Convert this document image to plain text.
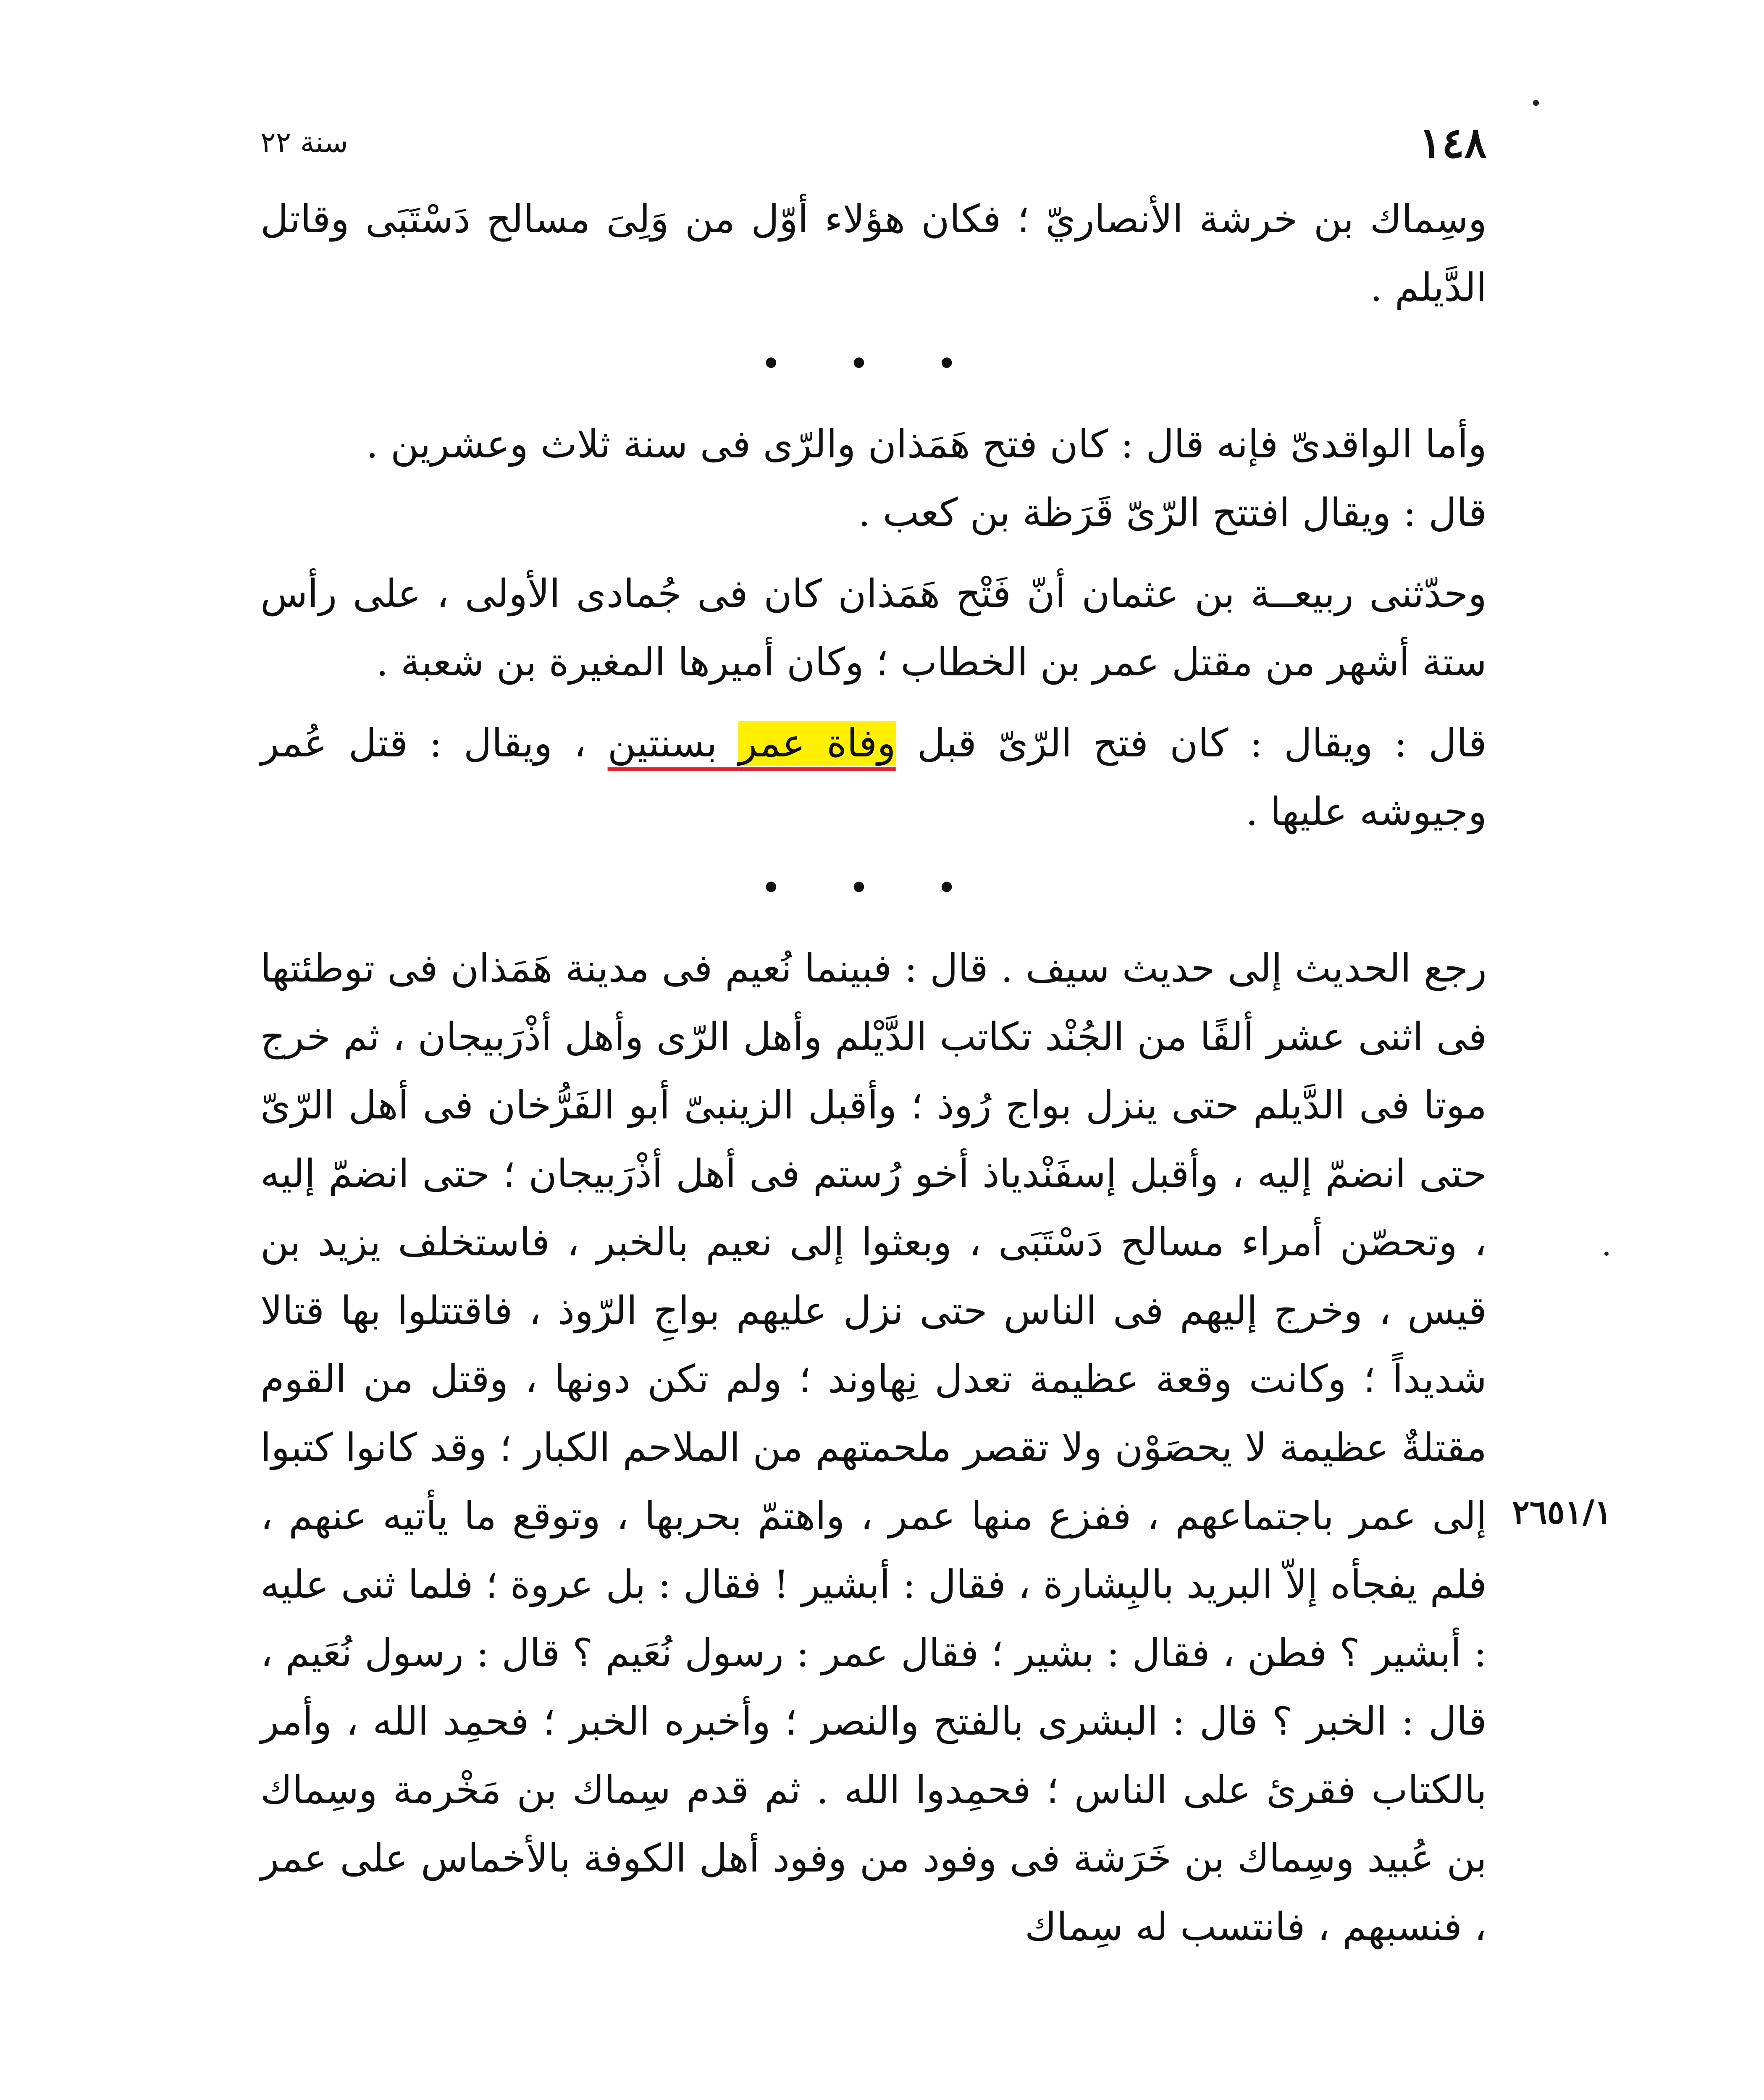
١٤٨
سنة ٢٢

وسِماك بن خرشة الأنصاريّ ؛ فكان هؤلاء أوّل من وَلِىَ مسالح دَسْتَبَى وقاتل الدَّيلم .

• • •

وأما الواقدىّ فإنه قال : كان فتح هَمَذان والرّى فى سنة ثلاث وعشرين .

قال : ويقال افتتح الرّىّ قَرَظة بن كعب .

وحدّثنى ربيعــة بن عثمان أنّ فَتْح هَمَذان كان فى جُمادى الأولى ، على رأس ستة أشهر من مقتل عمر بن الخطاب ؛ وكان أميرها المغيرة بن شعبة .

قال : ويقال : كان فتح الرّىّ قبل وفاة عمر بسنتين ، ويقال : قتل عُمر وجيوشه عليها .

• • •

رجع الحديث إلى حديث سيف . قال : فبينما نُعيم فى مدينة هَمَذان فى توطئتها فى اثنى عشر ألفًا من الجُنْد تكاتب الدَّيْلم وأهل الرّى وأهل أذْرَبيجان ، ثم خرج موتا فى الدَّيلم حتى ينزل بواج رُوذ ؛ وأقبل الزينبىّ أبو الفَرُّخان فى أهل الرّىّ حتى انضمّ إليه ، وأقبل إسفَنْدياذ أخو رُستم فى أهل أذْرَبيجان ؛ حتى انضمّ إليه ، وتحصّن أمراء مسالح دَسْتَبَى ، وبعثوا إلى نعيم بالخبر ، فاستخلف يزيد بن قيس ، وخرج إليهم فى الناس حتى نزل عليهم بواجِ الرّوذ ، فاقتتلوا بها قتالا شديداً ؛ وكانت وقعة عظيمة تعدل نِهاوند ؛ ولم تكن دونها ، وقتل من القوم مقتلةٌ عظيمة لا يحصَوْن ولا تقصر ملحمتهم من الملاحم الكبار ؛ وقد كانوا كتبوا إلى عمر باجتماعهم ، ففزع منها عمر ، واهتمّ بحربها ، وتوقع ما يأتيه عنهم ، فلم يفجأه إلاّ البريد بالبِشارة ، فقال : أبشير ! فقال : بل عروة ؛ فلما ثنى عليه : أبشير ؟ فطن ، فقال : بشير ؛ فقال عمر : رسول نُعَيم ؟ قال : رسول نُعَيم ، قال : الخبر ؟ قال : البشرى بالفتح والنصر ؛ وأخبره الخبر ؛ فحمِد الله ، وأمر بالكتاب فقرئ على الناس ؛ فحمِدوا الله . ثم قدم سِماك بن مَخْرمة وسِماك بن عُبيد وسِماك بن خَرَشة فى وفود من وفود أهل الكوفة بالأخماس على عمر ، فنسبهم ، فانتسب له سِماك

٢٦٥١/١
